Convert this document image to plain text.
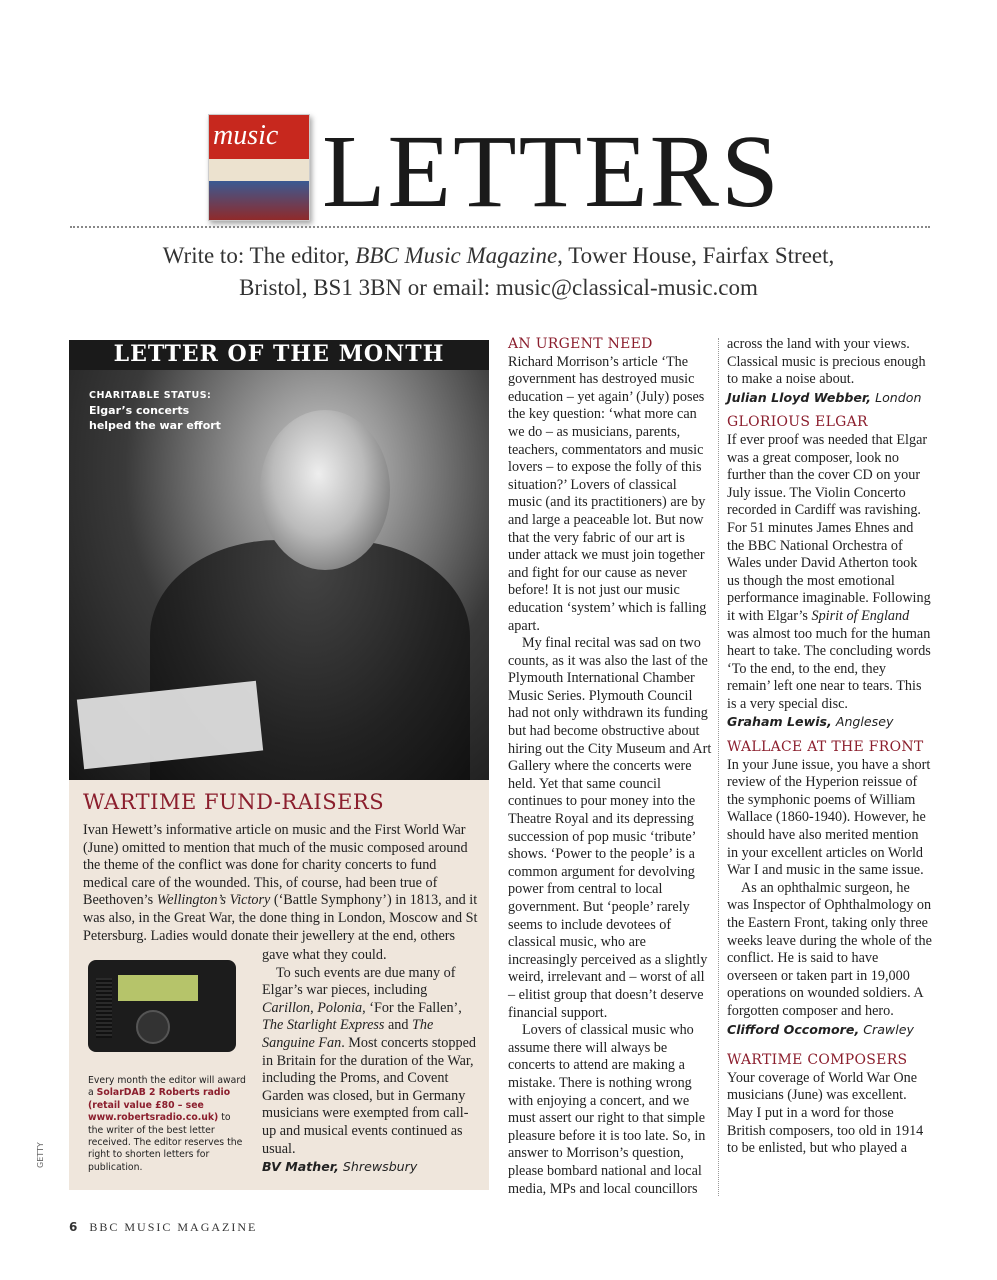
music LETTERS
Write to: The editor, BBC Music Magazine, Tower House, Fairfax Street,
Bristol, BS1 3BN or email: music@classical-music.com
LETTER OF THE MONTH
CHARITABLE STATUS:
Elgar’s concerts
helped the war effort
WARTIME FUND-RAISERS
Ivan Hewett’s informative article on music and the First World War (June) omitted to mention that much of the music composed around the theme of the conflict was done for charity concerts to fund medical care of the wounded. This, of course, had been true of Beethoven’s Wellington’s Victory (‘Battle Symphony’) in 1813, and it was also, in the Great War, the done thing in London, Moscow and St Petersburg. Ladies would donate their jewellery at the end, others

gave what they could.

To such events are due many of Elgar’s war pieces, including Carillon, Polonia, ‘For the Fallen’, The Starlight Express and The Sanguine Fan. Most concerts stopped in Britain for the duration of the War, including the Proms, and Covent Garden was closed, but in Germany musicians were exempted from call-up and musical events continued as usual.

BV Mather, Shrewsbury

Every month the editor will award a SolarDAB 2 Roberts radio (retail value £80 – see www.robertsradio.co.uk) to the writer of the best letter received. The editor reserves the right to shorten letters for publication.
AN URGENT NEED

Richard Morrison’s article ‘The government has destroyed music education – yet again’ (July) poses the key question: ‘what more can we do – as musicians, parents, teachers, commentators and music lovers – to expose the folly of this situation?’ Lovers of classical music (and its practitioners) are by and large a peaceable lot. But now that the very fabric of our art is under attack we must join together and fight for our cause as never before! It is not just our music education ‘system’ which is falling apart.

My final recital was sad on two counts, as it was also the last of the Plymouth International Chamber Music Series. Plymouth Council had not only withdrawn its funding but had become obstructive about hiring out the City Museum and Art Gallery where the concerts were held. Yet that same council continues to pour money into the Theatre Royal and its depressing succession of pop music ‘tribute’ shows. ‘Power to the people’ is a common argument for devolving power from central to local government. But ‘people’ rarely seems to include devotees of classical music, who are increasingly perceived as a slightly weird, irrelevant and – worst of all – elitist group that doesn’t deserve financial support.

Lovers of classical music who assume there will always be concerts to attend are making a mistake. There is nothing wrong with enjoying a concert, and we must assert our right to that simple pleasure before it is too late. So, in answer to Morrison’s question, please bombard national and local media, MPs and local councillors

across the land with your views. Classical music is precious enough to make a noise about.

Julian Lloyd Webber, London

GLORIOUS ELGAR

If ever proof was needed that Elgar was a great composer, look no further than the cover CD on your July issue. The Violin Concerto recorded in Cardiff was ravishing. For 51 minutes James Ehnes and the BBC National Orchestra of Wales under David Atherton took us though the most emotional performance imaginable. Following it with Elgar’s Spirit of England was almost too much for the human heart to take. The concluding words ‘To the end, to the end, they remain’ left one near to tears. This is a very special disc.

Graham Lewis, Anglesey

WALLACE AT THE FRONT

In your June issue, you have a short review of the Hyperion reissue of the symphonic poems of William Wallace (1860-1940). However, he should have also merited mention in your excellent articles on World War I and music in the same issue.

As an ophthalmic surgeon, he was Inspector of Ophthalmology on the Eastern Front, taking only three weeks leave during the whole of the conflict. He is said to have overseen or taken part in 19,000 operations on wounded soldiers. A forgotten composer and hero.

Clifford Occomore, Crawley

WARTIME COMPOSERS

Your coverage of World War One musicians (June) was excellent. May I put in a word for those British composers, too old in 1914 to be enlisted, but who played a

GETTY
6 BBC MUSIC MAGAZINE
